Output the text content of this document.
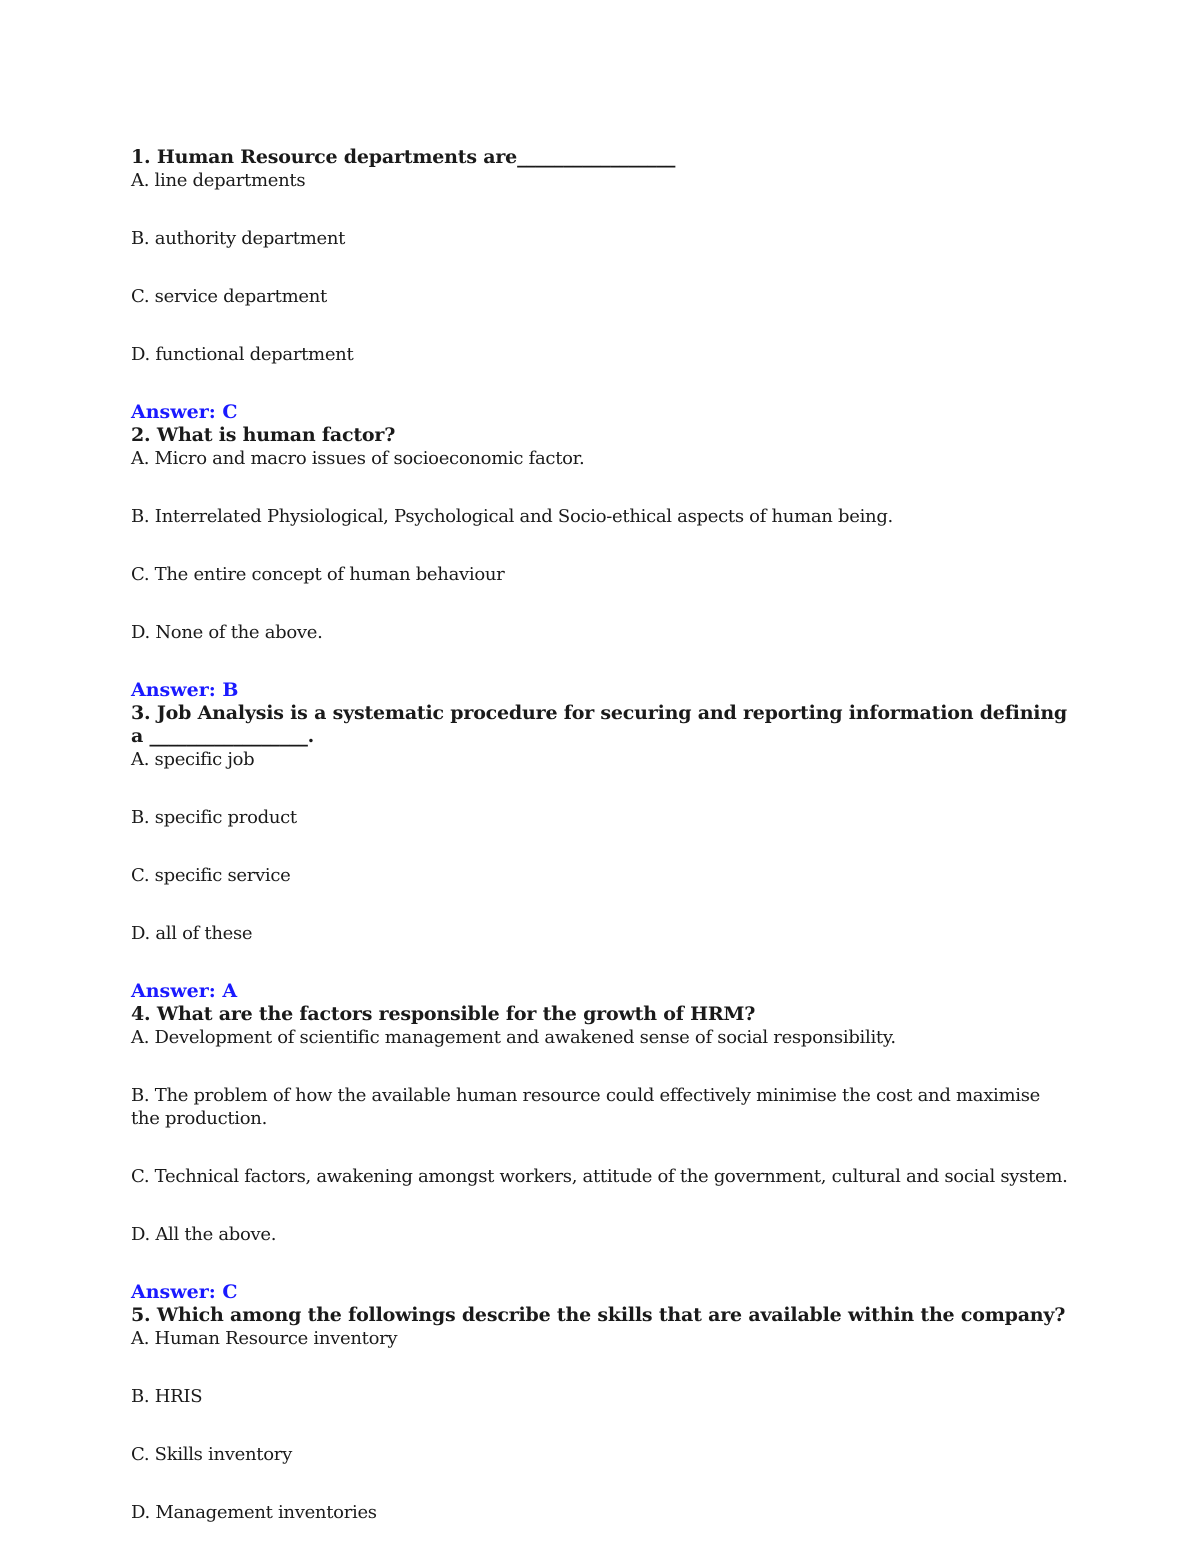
1. Human Resource departments are_________________

A. line departments

B. authority department

C. service department

D. functional department

Answer: C

2. What is human factor?

A. Micro and macro issues of socioeconomic factor.

B. Interrelated Physiological, Psychological and Socio-ethical aspects of human being.

C. The entire concept of human behaviour

D. None of the above.

Answer: B

3. Job Analysis is a systematic procedure for securing and reporting information defining a _________________.

A. specific job

B. specific product

C. specific service

D. all of these

Answer: A

4. What are the factors responsible for the growth of HRM?

A. Development of scientific management and awakened sense of social responsibility.

B. The problem of how the available human resource could effectively minimise the cost and maximise the production.

C. Technical factors, awakening amongst workers, attitude of the government, cultural and social system.

D. All the above.

Answer: C

5. Which among the followings describe the skills that are available within the company?

A. Human Resource inventory

B. HRIS

C. Skills inventory

D. Management inventories
